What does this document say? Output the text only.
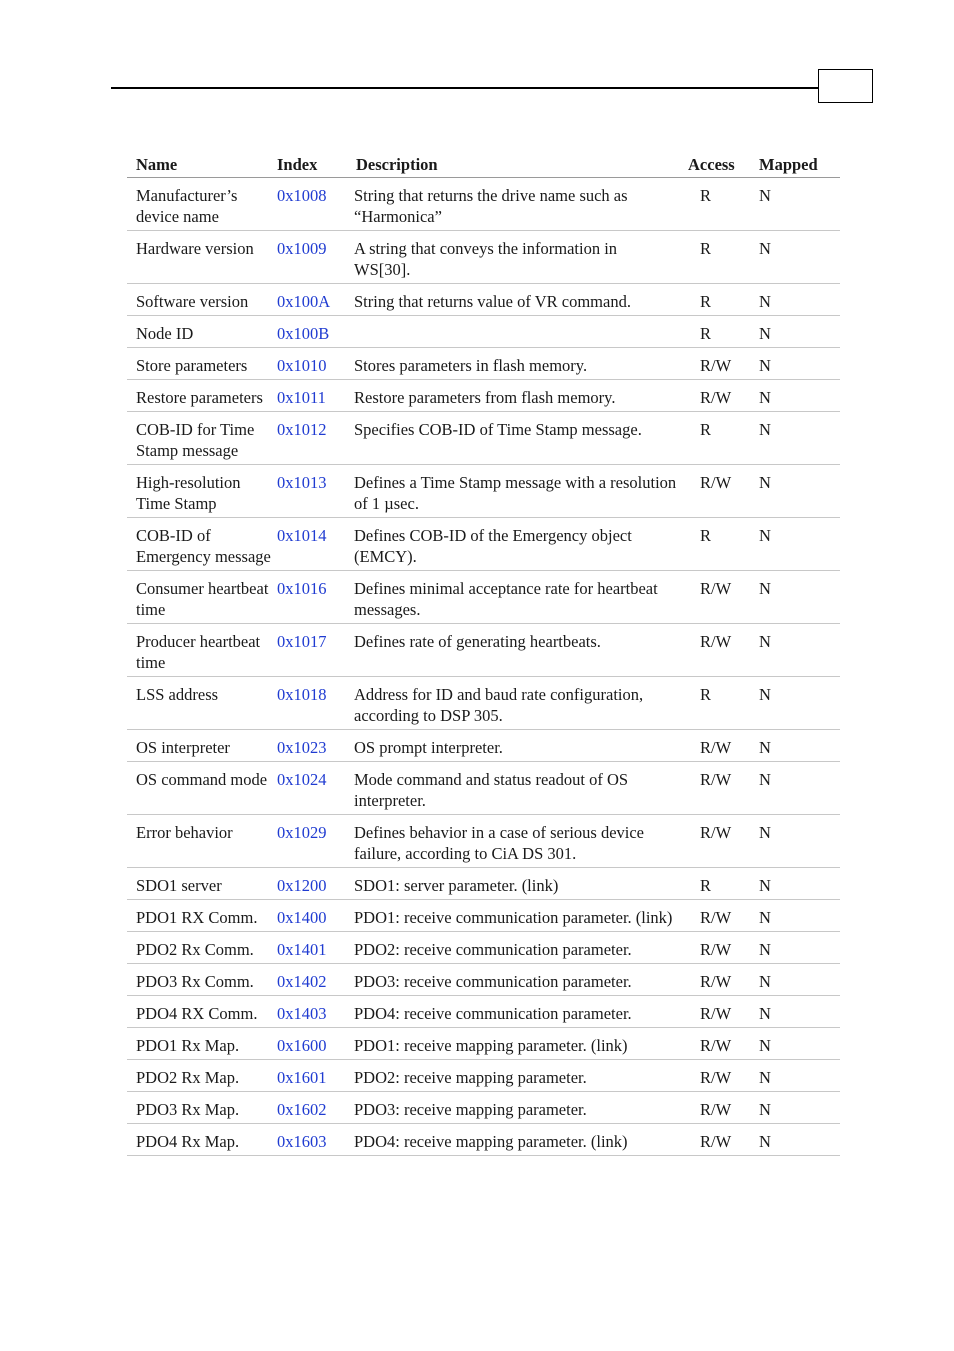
Name	Index	Description	Access	Mapped
Manufacturer’s device name	0x1008	String that returns the drive name such as “Harmonica”	R	N
Hardware version	0x1009	A string that conveys the information in WS[30].	R	N
Software version	0x100A	String that returns value of VR command.	R	N
Node ID	0x100B		R	N
Store parameters	0x1010	Stores parameters in flash memory.	R/W	N
Restore parameters	0x1011	Restore parameters from flash memory.	R/W	N
COB-ID for Time Stamp message	0x1012	Specifies COB-ID of Time Stamp message.	R	N
High-resolution Time Stamp	0x1013	Defines a Time Stamp message with a resolution of 1 µsec.	R/W	N
COB-ID of Emergency message	0x1014	Defines COB-ID of the Emergency object (EMCY).	R	N
Consumer heartbeat time	0x1016	Defines minimal acceptance rate for heartbeat messages.	R/W	N
Producer heartbeat time	0x1017	Defines rate of generating heartbeats.	R/W	N
LSS address	0x1018	Address for ID and baud rate configuration, according to DSP 305.	R	N
OS interpreter	0x1023	OS prompt interpreter.	R/W	N
OS command mode	0x1024	Mode command and status readout of OS interpreter.	R/W	N
Error behavior	0x1029	Defines behavior in a case of serious device failure, according to CiA DS 301.	R/W	N
SDO1 server	0x1200	SDO1: server parameter. (link)	R	N
PDO1 RX Comm.	0x1400	PDO1: receive communication parameter. (link)	R/W	N
PDO2 Rx Comm.	0x1401	PDO2: receive communication parameter.	R/W	N
PDO3 Rx Comm.	0x1402	PDO3: receive communication parameter.	R/W	N
PDO4 RX Comm.	0x1403	PDO4: receive communication parameter.	R/W	N
PDO1 Rx Map.	0x1600	PDO1: receive mapping parameter. (link)	R/W	N
PDO2 Rx Map.	0x1601	PDO2: receive mapping parameter.	R/W	N
PDO3 Rx Map.	0x1602	PDO3: receive mapping parameter.	R/W	N
PDO4 Rx Map.	0x1603	PDO4: receive mapping parameter. (link)	R/W	N
